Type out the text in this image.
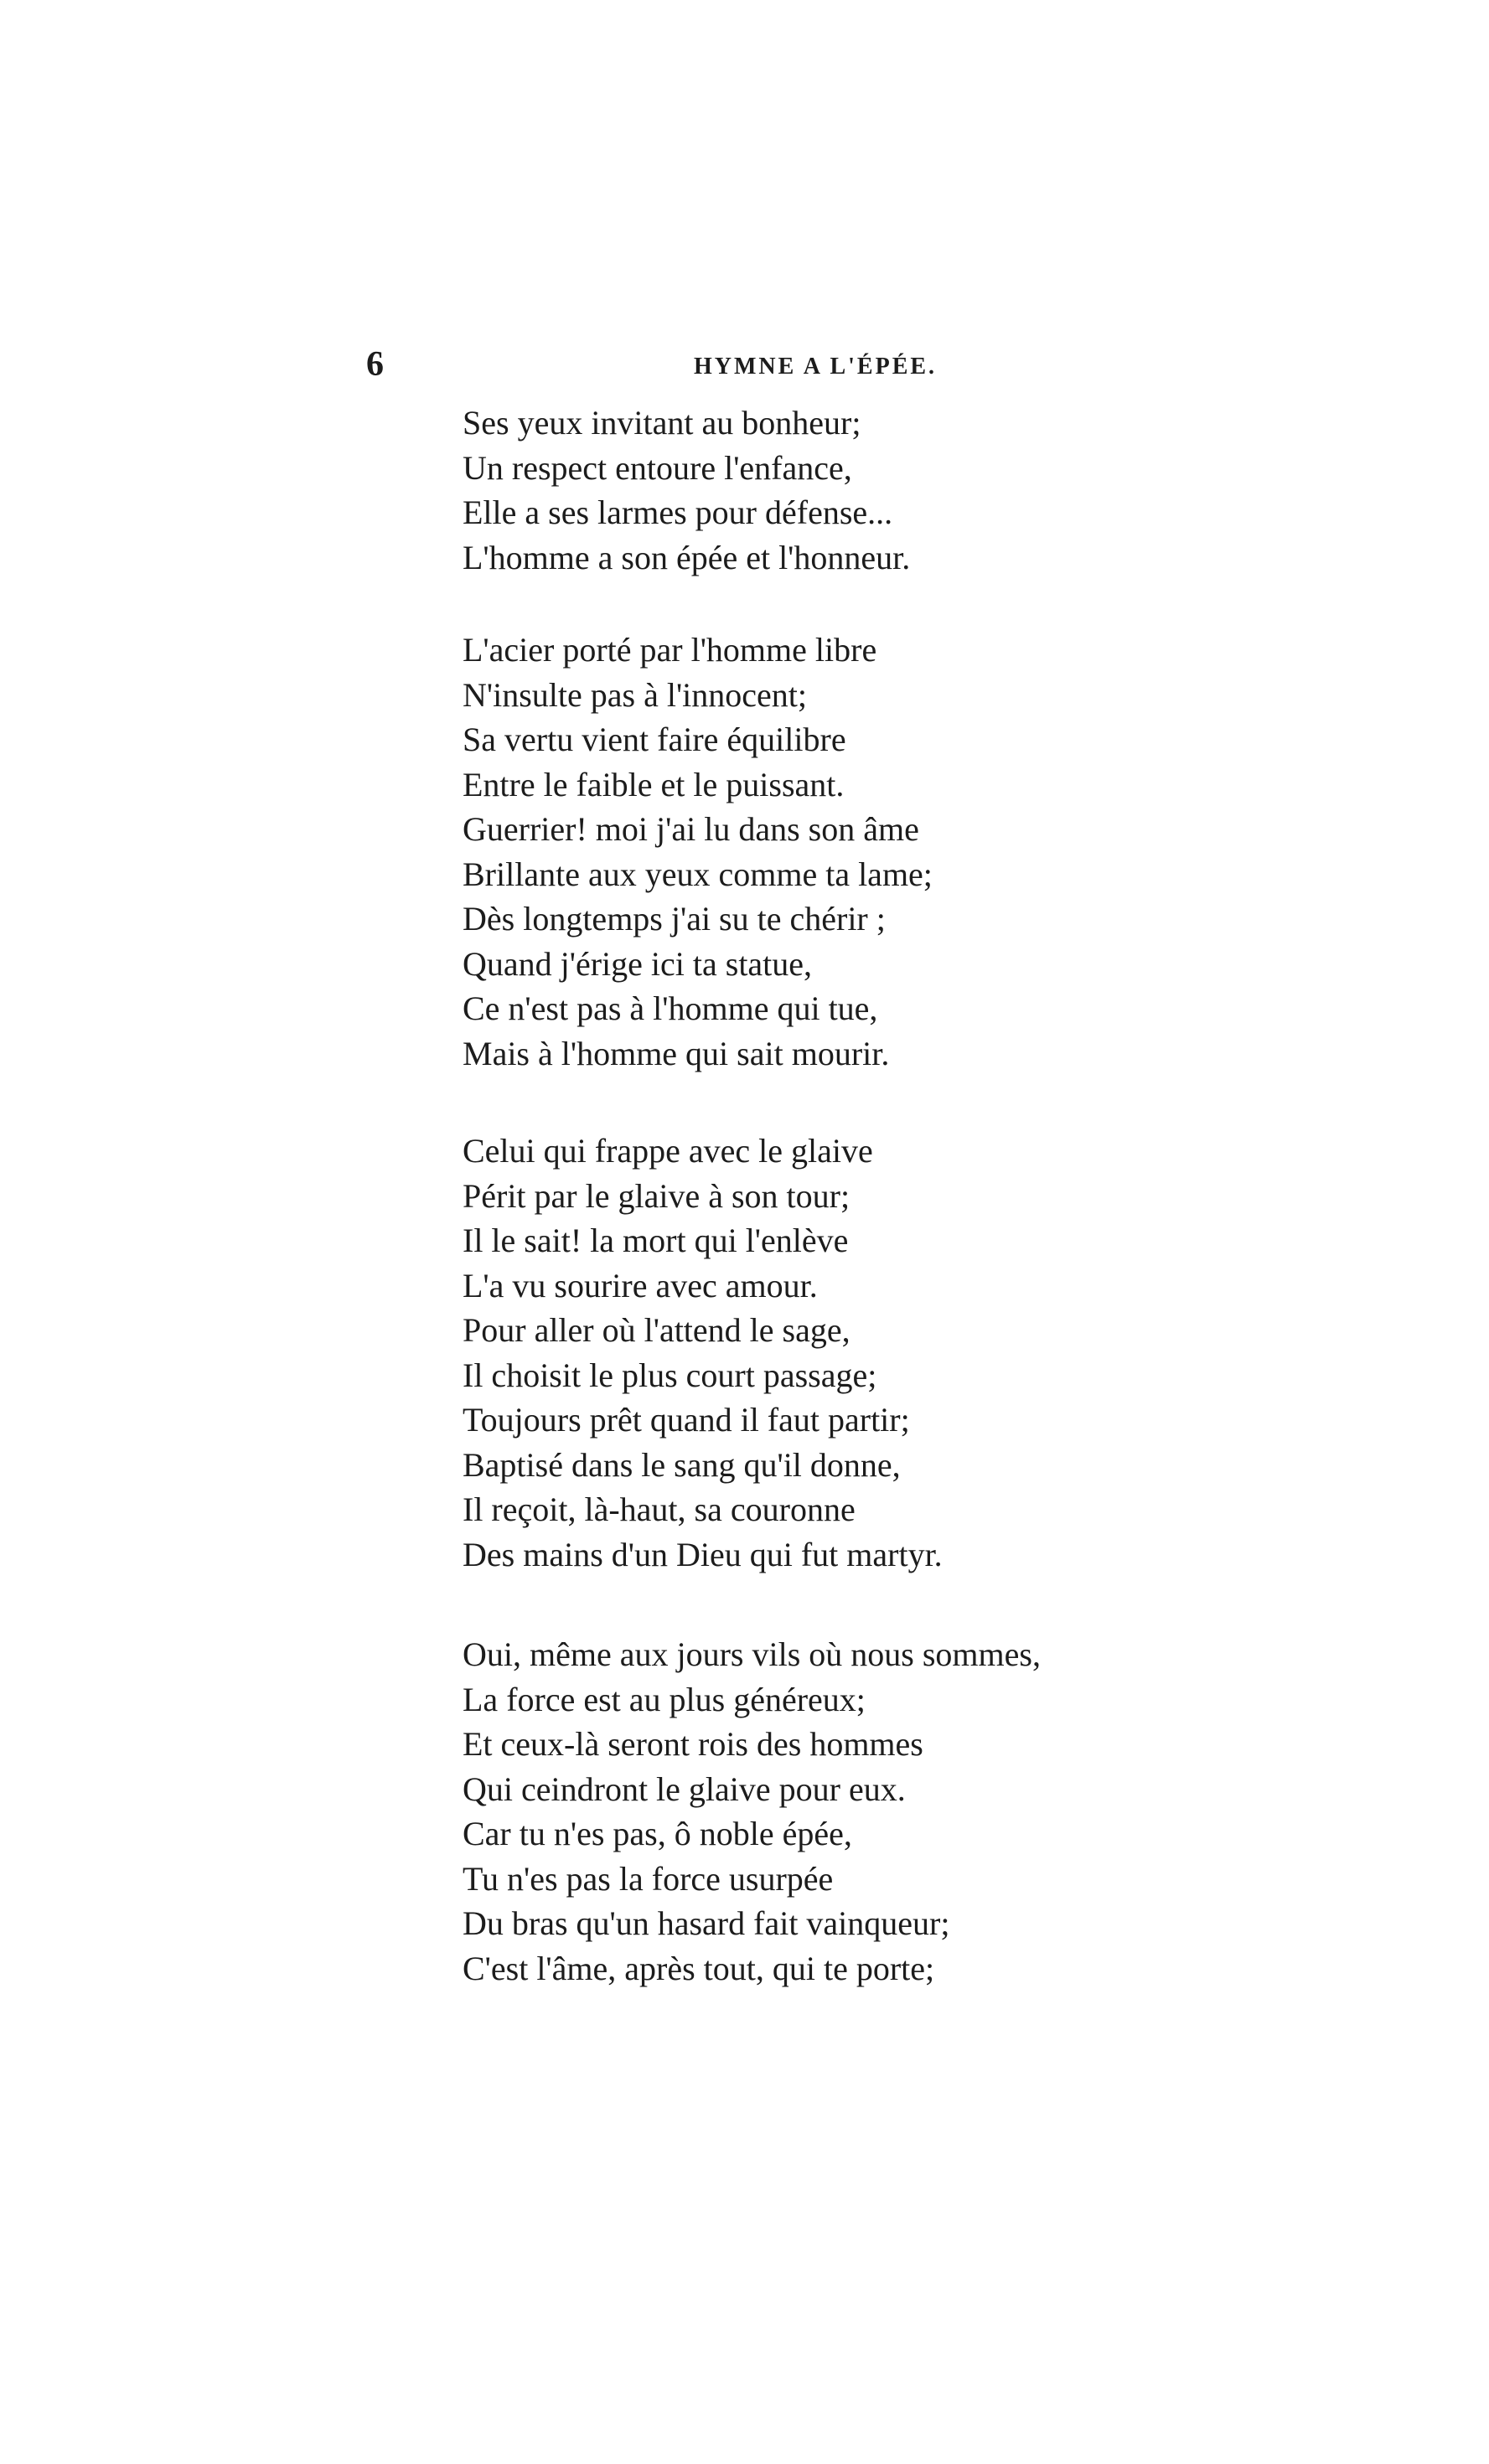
6	HYMNE A L'ÉPÉE.
Ses yeux invitant au bonheur;
Un respect entoure l'enfance,
Elle a ses larmes pour défense...
L'homme a son épée et l'honneur.
L'acier porté par l'homme libre
N'insulte pas à l'innocent;
Sa vertu vient faire équilibre
Entre le faible et le puissant.
Guerrier! moi j'ai lu dans son âme
Brillante aux yeux comme ta lame;
Dès longtemps j'ai su te chérir ;
Quand j'érige ici ta statue,
Ce n'est pas à l'homme qui tue,
Mais à l'homme qui sait mourir.
Celui qui frappe avec le glaive
Périt par le glaive à son tour;
Il le sait! la mort qui l'enlève
L'a vu sourire avec amour.
Pour aller où l'attend le sage,
Il choisit le plus court passage;
Toujours prêt quand il faut partir;
Baptisé dans le sang qu'il donne,
Il reçoit, là-haut, sa couronne
Des mains d'un Dieu qui fut martyr.
Oui, même aux jours vils où nous sommes,
La force est au plus généreux;
Et ceux-là seront rois des hommes
Qui ceindront le glaive pour eux.
Car tu n'es pas, ô noble épée,
Tu n'es pas la force usurpée
Du bras qu'un hasard fait vainqueur;
C'est l'âme, après tout, qui te porte;
